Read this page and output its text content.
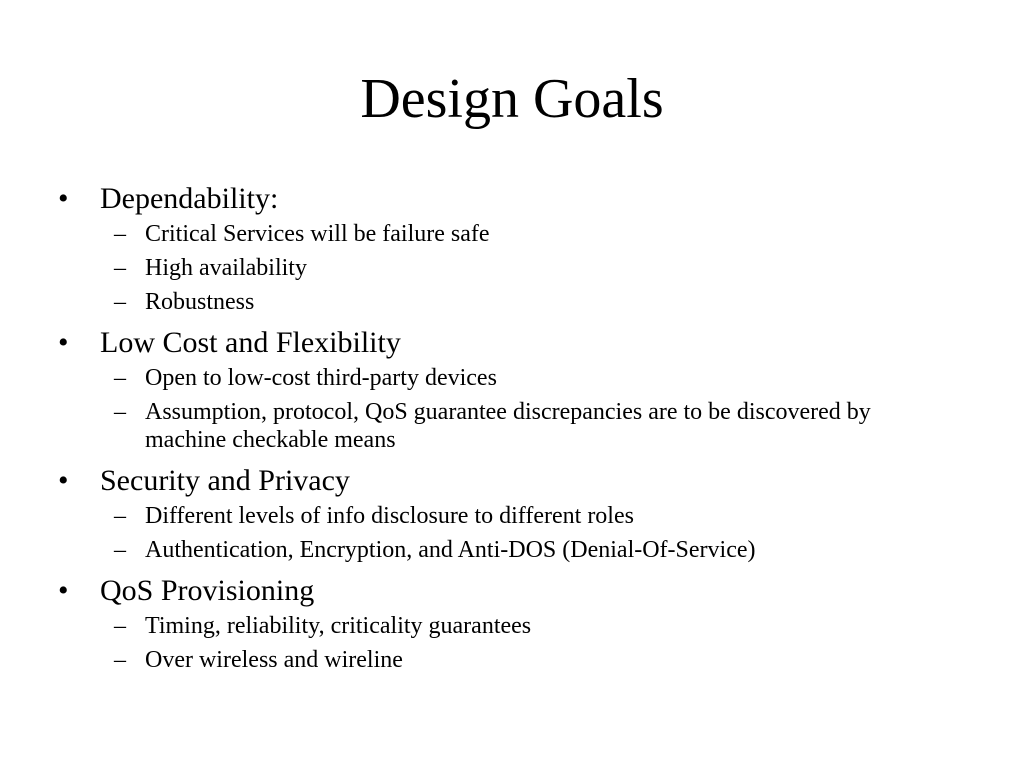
Design Goals
• Dependability:
– Critical Services will be failure safe
– High availability
– Robustness
• Low Cost and Flexibility
– Open to low-cost third-party devices
– Assumption, protocol, QoS guarantee discrepancies are to be discovered by machine checkable means
• Security and Privacy
– Different levels of info disclosure to different roles
– Authentication, Encryption, and Anti-DOS (Denial-Of-Service)
• QoS Provisioning
– Timing, reliability, criticality guarantees
– Over wireless and wireline
